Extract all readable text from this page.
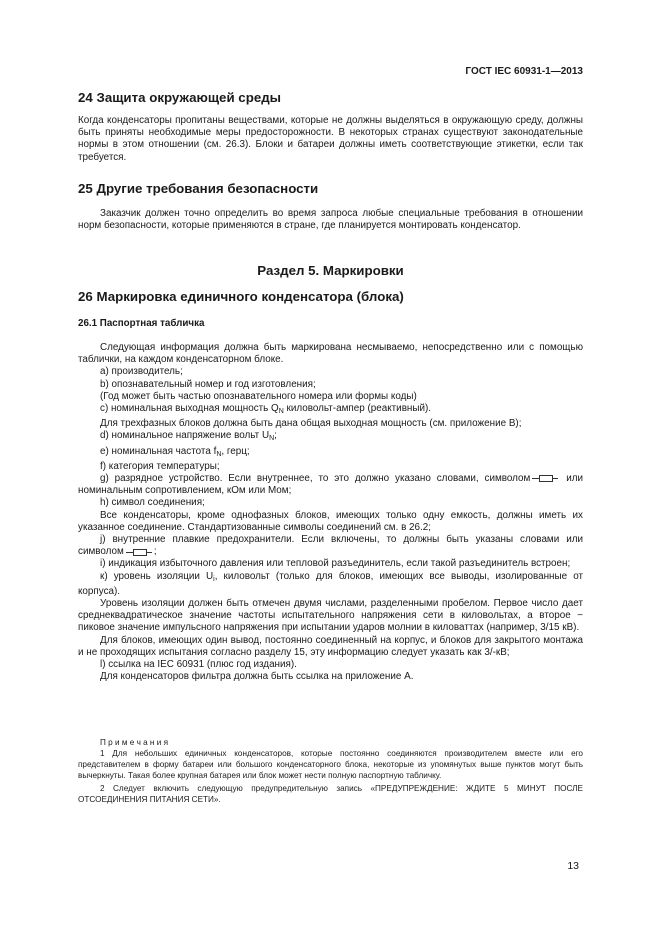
ГОСТ IEC 60931-1—2013
24 Защита окружающей среды

Когда конденсаторы пропитаны веществами, которые не должны выделяться в окружающую среду, должны быть приняты необходимые меры предосторожности. В некоторых странах существуют законодательные нормы в этом отношении (см. 26.3). Блоки и батареи должны иметь соответствующие этикетки, если так требуется.

25 Другие требования безопасности

Заказчик должен точно определить во время запроса любые специальные требования в отношении норм безопасности, которые применяются в стране, где планируется монтировать конденсатор.

Раздел 5. Маркировки
26 Маркировка единичного конденсатора (блока)
26.1 Паспортная табличка

Следующая информация должна быть маркирована несмываемо, непосредственно или с помощью таблички, на каждом конденсаторном блоке.

a) производитель;

b) опознавательный номер и год изготовления;

(Год может быть частью опознавательного номера или формы коды)

c) номинальная выходная мощность $Q_N$ киловольт-ампер (реактивный).

Для трехфазных блоков должна быть дана общая выходная мощность (см. приложение B);

d) номинальное напряжение вольт $U_N$;

e) номинальная частота $f_N$, герц;

f) категория температуры;

g) разрядное устройство. Если внутреннее, то это должно указано словами, символом	или номинальным сопротивлением, кОм или Мом;

h) символ соединения;

Все конденсаторы, кроме однофазных блоков, имеющих только одну емкость, должны иметь их указанное соединение. Стандартизованные символы соединений см. в 26.2;

j) внутренние плавкие предохранители. Если включены, то должны быть указаны словами или символом	;

i) индикация избыточного давления или тепловой разъединитель, если такой разъединитель встроен;

к) уровень изоляции $U_i$, киловольт (только для блоков, имеющих все выводы, изолированные от корпуса).

Уровень изоляции должен быть отмечен двумя числами, разделенными пробелом. Первое число дает среднеквадратическое значение частоты испытательного напряжения сети в киловольтах, а второе − пиковое значение импульсного напряжения при испытании ударов молнии в киловаттах (например, 3/15 кВ).

Для блоков, имеющих один вывод, постоянно соединенный на корпус, и блоков для закрытого монтажа и не проходящих испытания согласно разделу 15, эту информацию следует указать как 3/-кВ;

l) ссылка на IEC 60931 (плюс год издания).

Для конденсаторов фильтра должна быть ссылка на приложение А.

П р и м е ч а н и я

1 Для небольших единичных конденсаторов, которые постоянно соединяются производителем вместе или его представителем в форму батареи или большого конденсаторного блока, некоторые из упомянутых выше пунктов могут быть вычеркнуты. Такая более крупная батарея или блок может нести полную паспортную табличку.

2 Следует включить следующую предупредительную запись «ПРЕДУПРЕЖДЕНИЕ: ЖДИТЕ 5 МИНУТ ПОСЛЕ ОТСОЕДИНЕНИЯ ПИТАНИЯ СЕТИ».

13
